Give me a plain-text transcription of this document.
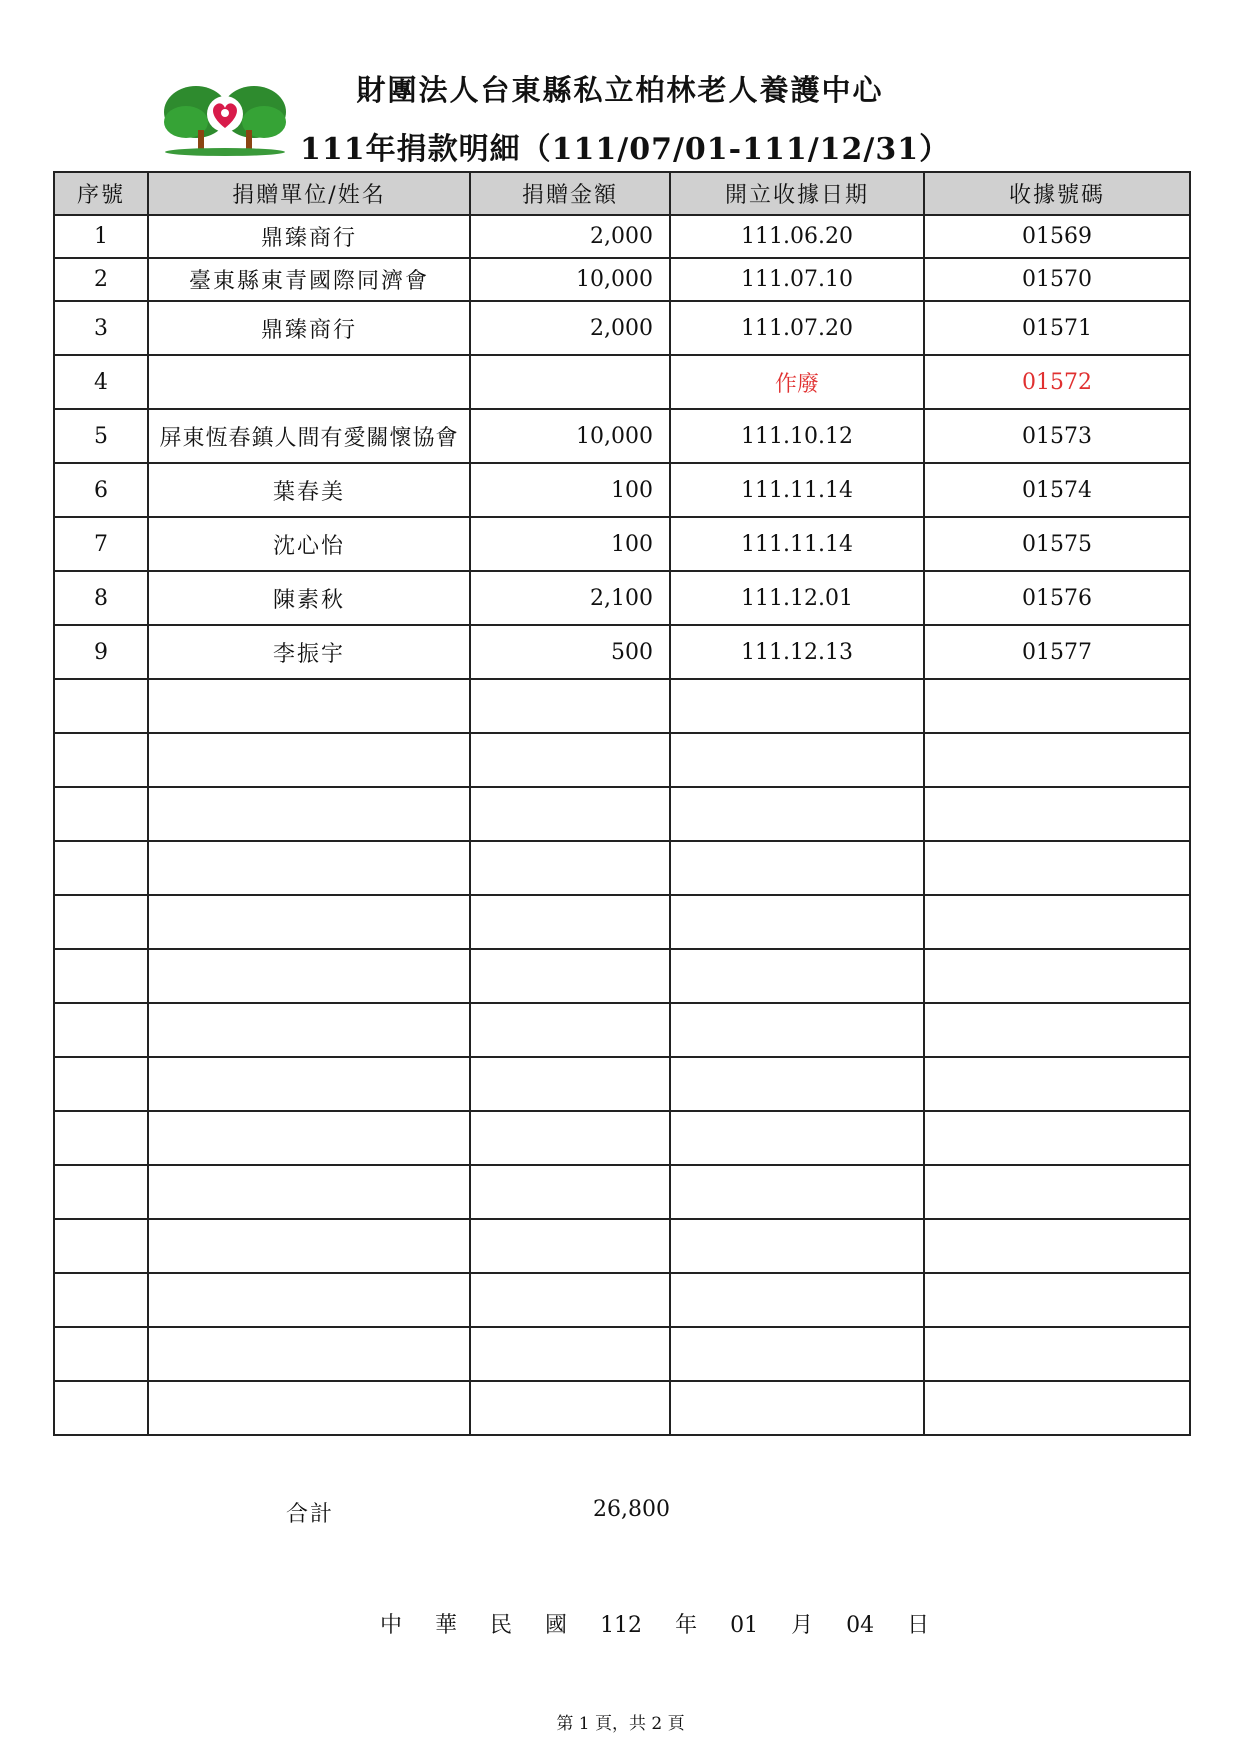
財團法人台東縣私立柏林老人養護中心
111年捐款明細（111/07/01-111/12/31）
序號	捐贈單位/姓名	捐贈金額	開立收據日期	收據號碼
1	鼎臻商行	2,000	111.06.20	01569
2	臺東縣東青國際同濟會	10,000	111.07.10	01570
3	鼎臻商行	2,000	111.07.20	01571
4			作廢	01572
5	屏東恆春鎮人間有愛關懷協會	10,000	111.10.12	01573
6	葉春美	100	111.11.14	01574
7	沈心怡	100	111.11.14	01575
8	陳素秋	2,100	111.12.01	01576
9	李振宇	500	111.12.13	01577

合計	26,800
中 華 民 國 112 年 01 月 04 日
第 1 頁，共 2 頁
